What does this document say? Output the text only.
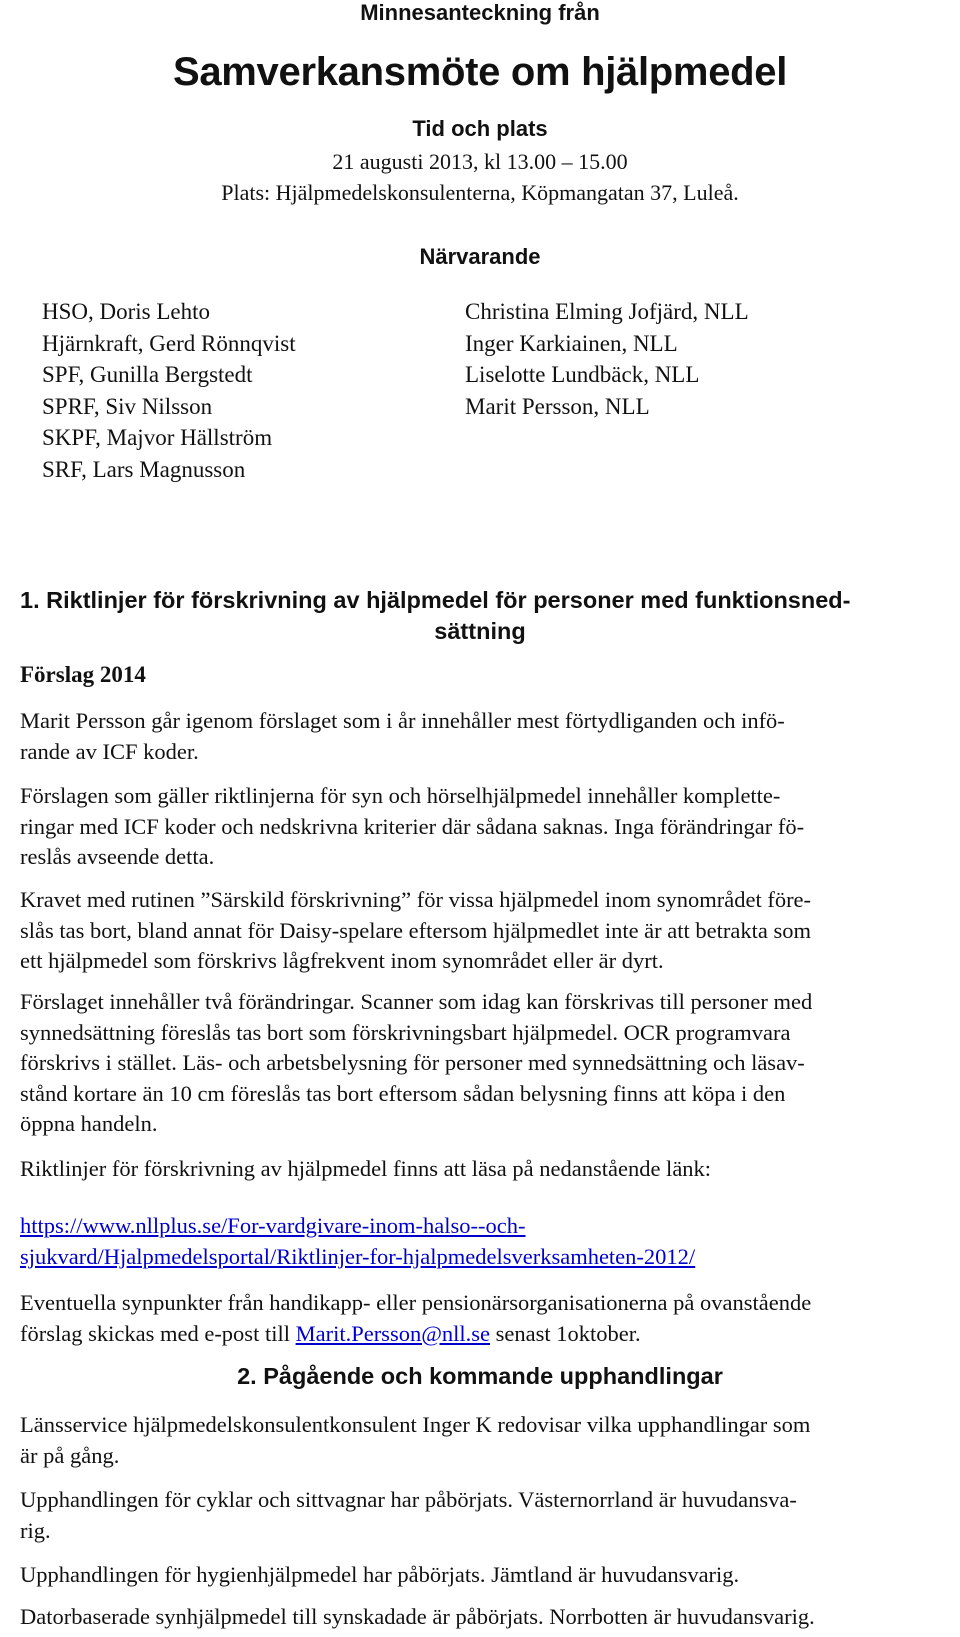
Minnesanteckning från
Samverkansmöte om hjälpmedel
Tid och plats
21 augusti 2013, kl 13.00 – 15.00
Plats: Hjälpmedelskonsulenterna, Köpmangatan 37, Luleå.
Närvarande
HSO, Doris Lehto
Hjärnkraft, Gerd Rönnqvist
SPF, Gunilla Bergstedt
SPRF, Siv Nilsson
SKPF, Majvor Hällström
SRF, Lars Magnusson
Christina Elming Jofjärd, NLL
Inger Karkiainen, NLL
Liselotte Lundbäck, NLL
Marit Persson, NLL
1. Riktlinjer för förskrivning av hjälpmedel för personer med funktionsned-
sättning
Förslag 2014
Marit Persson går igenom förslaget som i år innehåller mest förtydliganden och infö-
rande av ICF koder.
Förslagen som gäller riktlinjerna för syn och hörselhjälpmedel innehåller komplette-
ringar med ICF koder och nedskrivna kriterier där sådana saknas. Inga förändringar fö-
reslås avseende detta.
Kravet med rutinen ”Särskild förskrivning” för vissa hjälpmedel inom synområdet före-
slås tas bort, bland annat för Daisy-spelare eftersom hjälpmedlet inte är att betrakta som
ett hjälpmedel som förskrivs lågfrekvent inom synområdet eller är dyrt.
Förslaget innehåller två förändringar. Scanner som idag kan förskrivas till personer med
synnedsättning föreslås tas bort som förskrivningsbart hjälpmedel. OCR programvara
förskrivs i stället. Läs- och arbetsbelysning för personer med synnedsättning och läsav-
stånd kortare än 10 cm föreslås tas bort eftersom sådan belysning finns att köpa i den
öppna handeln.
Riktlinjer för förskrivning av hjälpmedel finns att läsa på nedanstående länk:
https://www.nllplus.se/For-vardgivare-inom-halso--och-
sjukvard/Hjalpmedelsportal/Riktlinjer-for-hjalpmedelsverksamheten-2012/
Eventuella synpunkter från handikapp- eller pensionärsorganisationerna på ovanstående
förslag skickas med e-post till Marit.Persson@nll.se senast 1oktober.
2. Pågående och kommande upphandlingar
Länsservice hjälpmedelskonsulentkonsulent Inger K redovisar vilka upphandlingar som
är på gång.
Upphandlingen för cyklar och sittvagnar har påbörjats. Västernorrland är huvudansva-
rig.
Upphandlingen för hygienhjälpmedel har påbörjats. Jämtland är huvudansvarig.
Datorbaserade synhjälpmedel till synskadade är påbörjats. Norrbotten är huvudansvarig.
